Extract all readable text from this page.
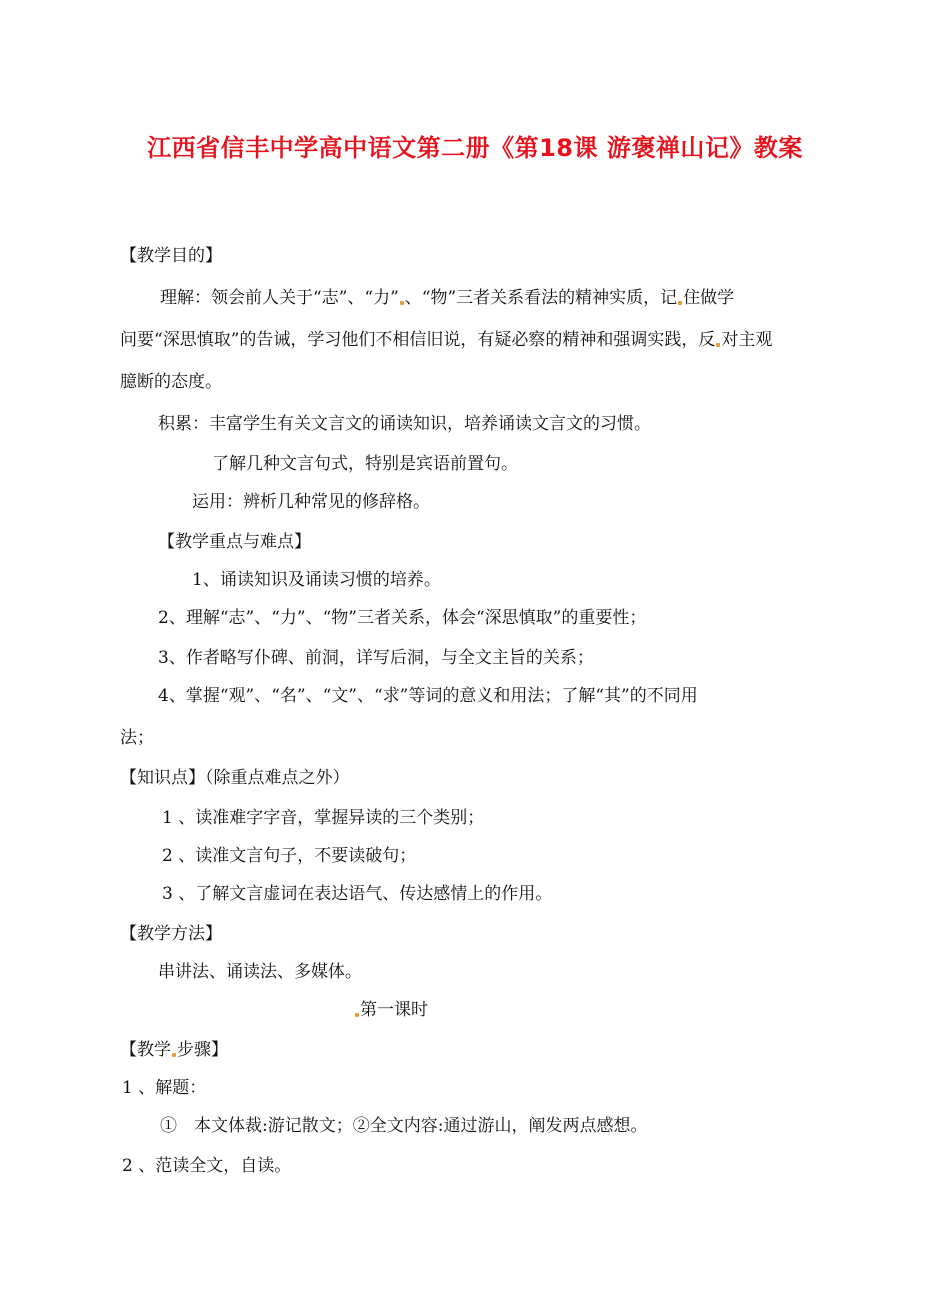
江西省信丰中学高中语文第二册《第18课 游褒禅山记》教案
【教学目的】
理解：领会前人关于“志”、“力” 、“物”三者关系看法的精神实质，记 住做学
问要“深思慎取”的告诫，学习他们不相信旧说，有疑必察的精神和强调实践，反 对主观
臆断的态度。
积累：丰富学生有关文言文的诵读知识，培养诵读文言文的习惯。
了解几种文言句式，特别是宾语前置句。
运用：辨析几种常见的修辞格。
【教学重点与难点】
1、诵读知识及诵读习惯的培养。
2、理解“志”、“力”、“物”三者关系，体会“深思慎取”的重要性；
3、作者略写仆碑、前洞，详写后洞，与全文主旨的关系；
4、掌握“观”、“名”、“文”、“求”等词的意义和用法；了解“其”的不同用
法；
【知识点】（除重点难点之外）
1 、读准难字字音，掌握异读的三个类别；
2 、读准文言句子，不要读破句；
3 、了解文言虚词在表达语气、传达感情上的作用。
【教学方法】
串讲法、诵读法、多媒体。
第一课时
【教学 步骤】
1 、解题：
①　本文体裁:游记散文；②全文内容:通过游山，阐发两点感想。
2 、范读全文，自读。
